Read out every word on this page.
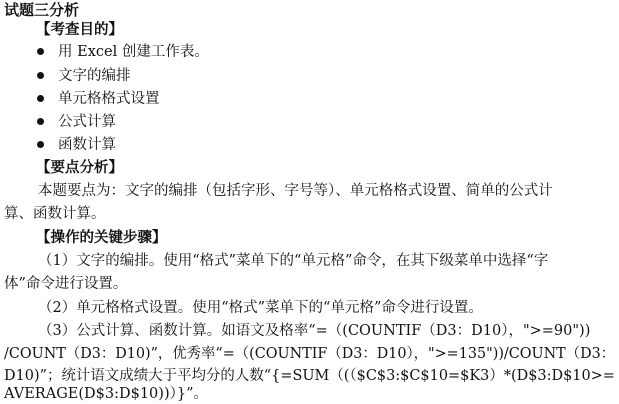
试题三分析
【考查目的】
用 Excel 创建工作表。
文字的编排
单元格格式设置
公式计算
函数计算
【要点分析】
本题要点为：文字的编排（包括字形、字号等）、单元格格式设置、简单的公式计
算、函数计算。
【操作的关键步骤】
（1）文字的编排。使用“格式”菜单下的“单元格”命令，在其下级菜单中选择“字
体”命令进行设置。
（2）单元格格式设置。使用“格式”菜单下的“单元格”命令进行设置。
（3）公式计算、函数计算。如语文及格率“=（(COUNTIF（D3：D10），">=90"))
/COUNT（D3：D10)”，优秀率“=（(COUNTIF（D3：D10），">=135"))/COUNT（D3：
D10)”；统计语文成绩大于平均分的人数“{=SUM（(（$C$3:$C$10=$K3）*(D$3:D$10>=
AVERAGE(D$3:D$10))）}”。
